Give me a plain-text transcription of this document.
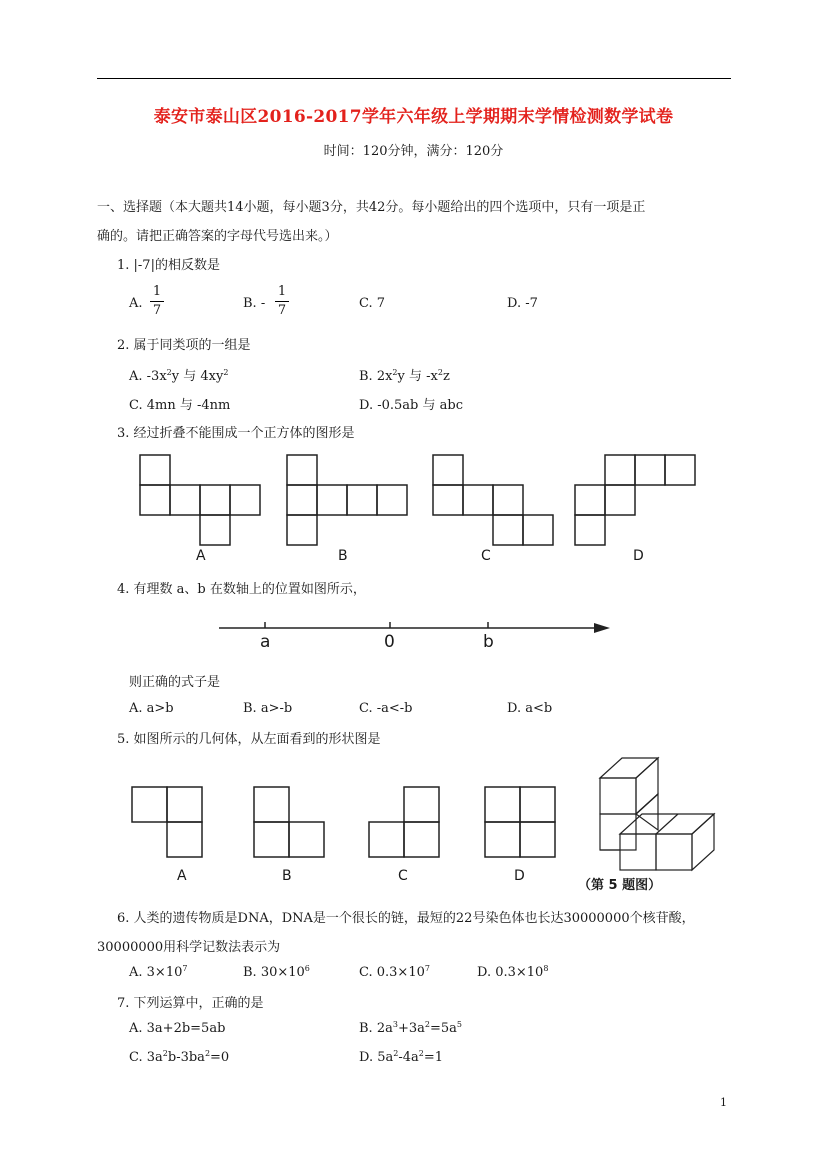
泰安市泰山区2016-2017学年六年级上学期期末学情检测数学试卷
时间：120分钟，满分：120分
一、选择题（本大题共14小题，每小题3分，共42分。每小题给出的四个选项中，只有一项是正
确的。请把正确答案的字母代号选出来。）
1. |-7|的相反数是
A.
1
7	B. -
1
7	C. 7	D. -7
2. 属于同类项的一组是
A. $-3x^2y$ 与 $4xy^2$	B. $2x^2y$ 与 $-x^2z$
C. 4mn 与 -4nm	D. -0.5ab 与 abc
3. 经过折叠不能围成一个正方体的图形是
A	B	C	D
4. 有理数 a、b 在数轴上的位置如图所示，
a	0	b
则正确的式子是
A. a>b	B. a>-b	C. -a<-b	D. a<b
5. 如图所示的几何体，从左面看到的形状图是
A	B	C	D
（第 5 题图）
6. 人类的遗传物质是DNA，DNA是一个很长的链，最短的22号染色体也长达30000000个核苷酸，
30000000用科学记数法表示为
A. $3\times 10^7$	B. $30\times 10^6$	C. $0.3\times 10^7$	D. $0.3\times 10^8$
7. 下列运算中，正确的是
A. 3a+2b=5ab	B. $2a^3+3a^2=5a^5$
C. $3a^2b-3ba^2=0$	D. $5a^2-4a^2=1$
1
